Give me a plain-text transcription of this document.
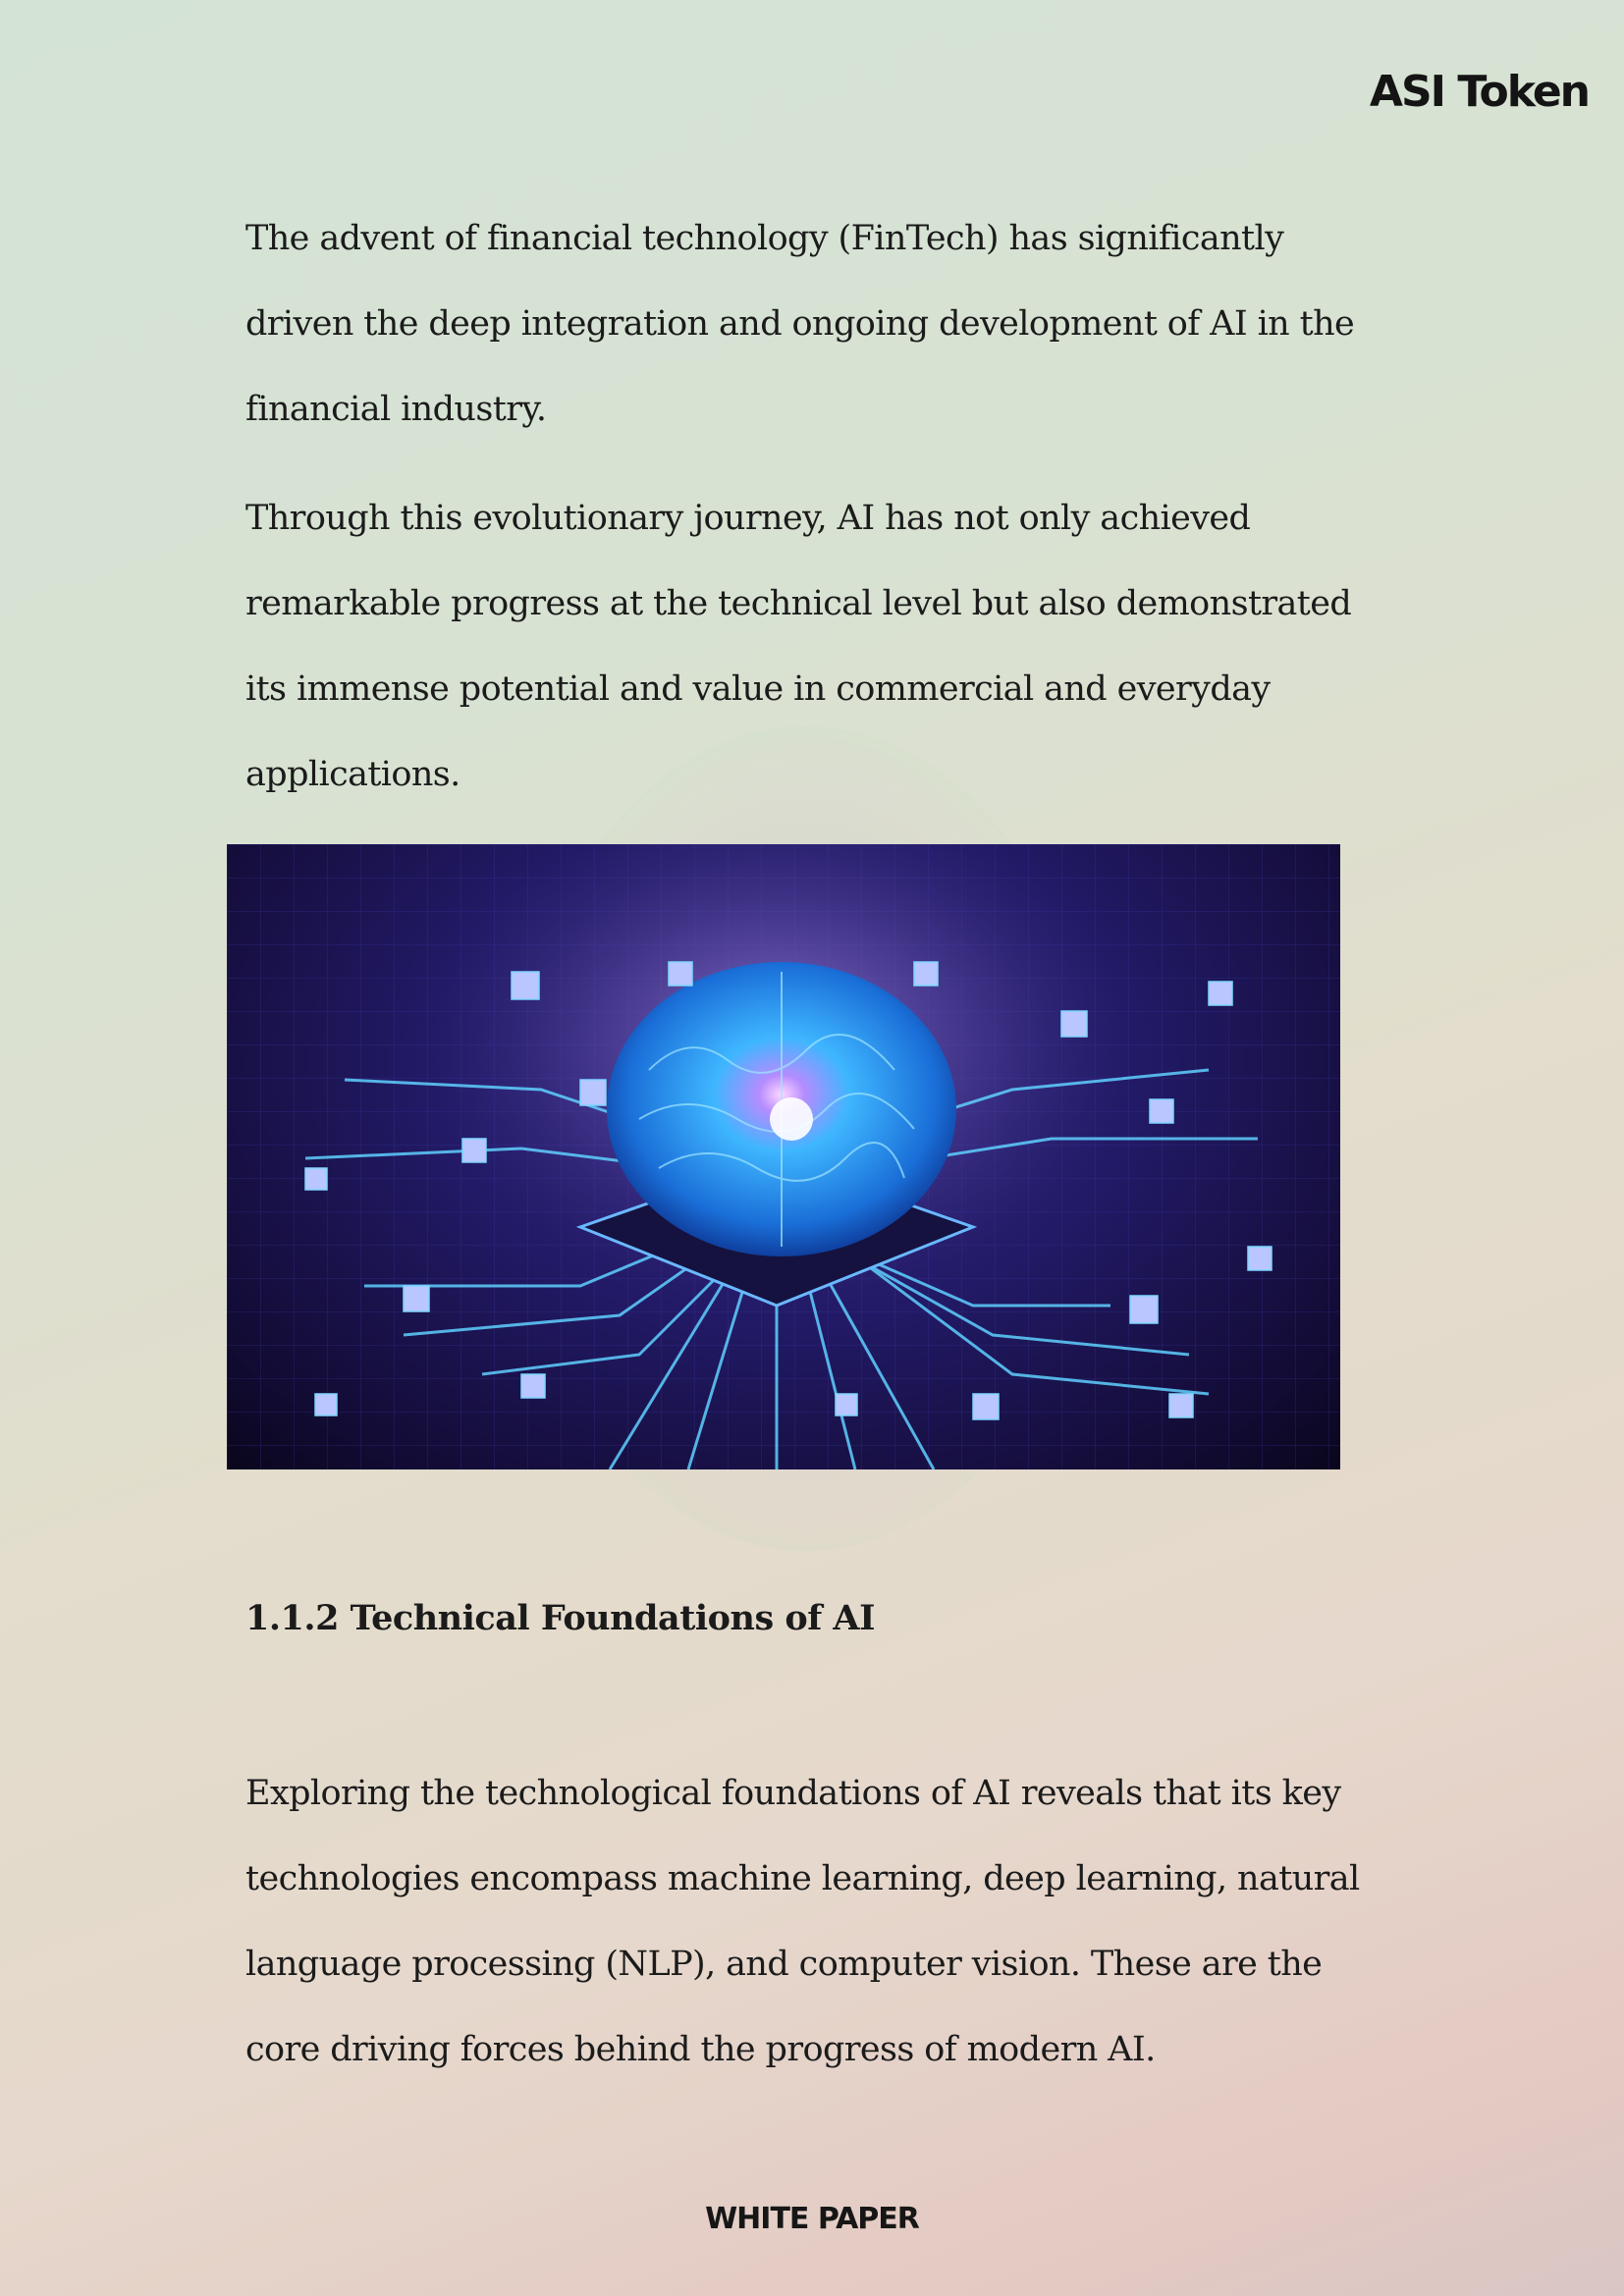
ASI Token

The advent of financial technology (FinTech) has significantly driven the deep integration and ongoing development of AI in the financial industry.

Through this evolutionary journey, AI has not only achieved remarkable progress at the technical level but also demonstrated its immense potential and value in commercial and everyday applications.

1.1.2 Technical Foundations of AI

Exploring the technological foundations of AI reveals that its key technologies encompass machine learning, deep learning, natural language processing (NLP), and computer vision. These are the core driving forces behind the progress of modern AI.

WHITE PAPER
